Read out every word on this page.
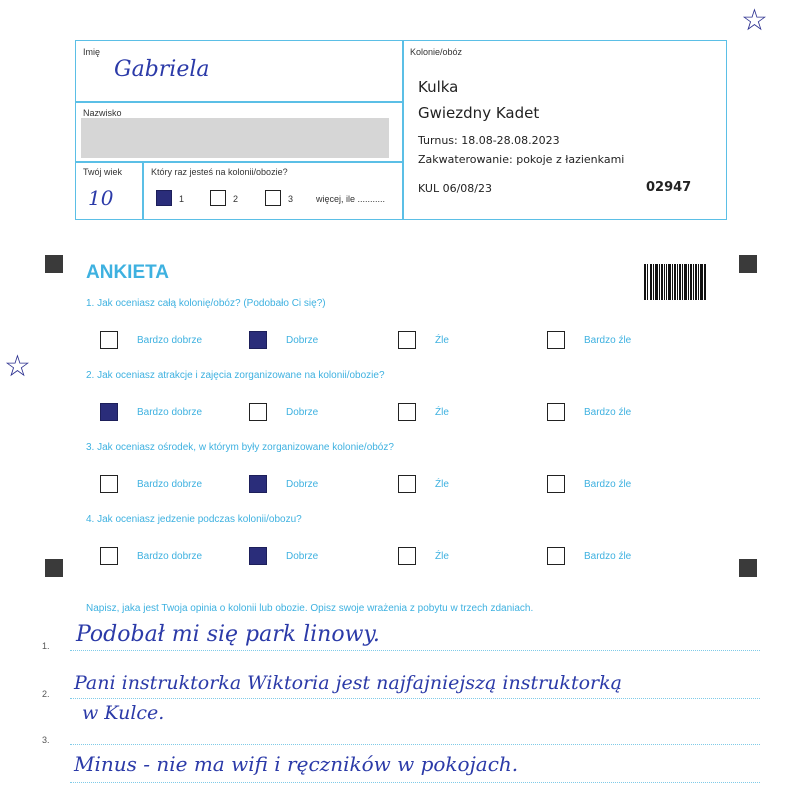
☆
☆
Imię
Gabriela
Nazwisko
Twój wiek
10
Który raz jesteś na kolonii/obozie?
1	2	3	więcej, ile ...........
Kolonie/obóz
Kulka
Gwiezdny Kadet
Turnus: 18.08-28.08.2023
Zakwaterowanie: pokoje z łazienkami
KUL 06/08/23	02947
ANKIETA
1. Jak oceniasz całą kolonię/obóz? (Podobało Ci się?)
2. Jak oceniasz atrakcje i zajęcia zorganizowane na kolonii/obozie?
3. Jak oceniasz ośrodek, w którym były zorganizowane kolonie/obóz?
4. Jak oceniasz jedzenie podczas kolonii/obozu?
Bardzo dobrze	Dobrze	Źle	Bardzo źle
Bardzo dobrze	Dobrze	Źle	Bardzo źle
Bardzo dobrze	Dobrze	Źle	Bardzo źle
Bardzo dobrze	Dobrze	Źle	Bardzo źle
Napisz, jaka jest Twoja opinia o kolonii lub obozie. Opisz swoje wrażenia z pobytu w trzech zdaniach.
1.
2.
3.
Podobał mi się park linowy.
Pani instruktorka Wiktoria jest najfajniejszą instruktorką
w Kulce.
Minus - nie ma wifi i ręczników w pokojach.
